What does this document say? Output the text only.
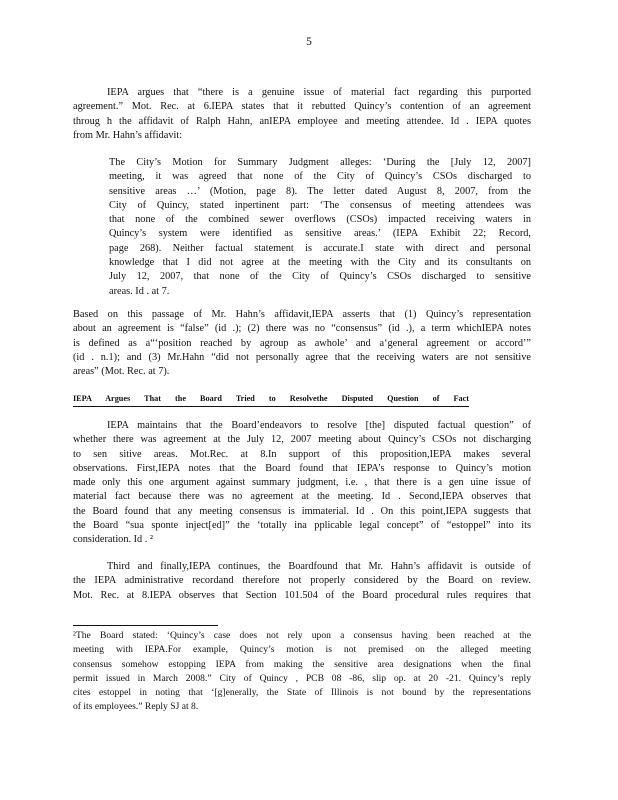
5
IEPA argues that “there is a genuine issue of material fact regarding this purported
agreement.” Mot. Rec. at 6.IEPA states that it rebutted Quincy’s contention of an agreement
throug h the affidavit of Ralph Hahn, anIEPA employee and meeting attendee. Id . IEPA quotes
from Mr. Hahn’s affidavit:
The City’s Motion for Summary Judgment alleges: ‘During the [July 12, 2007]
meeting, it was agreed that none of the City of Quincy’s CSOs discharged to
sensitive areas …’ (Motion, page 8). The letter dated August 8, 2007, from the
City of Quincy, stated inpertinent part: ‘The consensus of meeting attendees was
that none of the combined sewer overflows (CSOs) impacted receiving waters in
Quincy’s system were identified as sensitive areas.’ (IEPA Exhibit 22; Record,
page 268). Neither factual statement is accurate.I state with direct and personal
knowledge that I did not agree at the meeting with the City and its consultants on
July 12, 2007, that none of the City of Quincy’s CSOs discharged to sensitive
areas. Id . at 7.
Based on this passage of Mr. Hahn’s affidavit,IEPA asserts that (1) Quincy’s representation
about an agreement is “false” (id .); (2) there was no “consensus” (id .), a term whichIEPA notes
is defined as a“‘position reached by agroup as awhole’ and a‘general agreement or accord’”
(id . n.1); and (3) Mr.Hahn “did not personally agree that the receiving waters are not sensitive
areas” (Mot. Rec. at 7).
IEPA Argues That the Board Tried to Resolvethe Disputed Question of Fact
IEPA maintains that the Board’endeavors to resolve [the] disputed factual question” of
whether there was agreement at the July 12, 2007 meeting about Quincy’s CSOs not discharging
to sen sitive areas. Mot.Rec. at 8.In support of this proposition,IEPA makes several
observations. First,IEPA notes that the Board found that IEPA’s response to Quincy’s motion
made only this one argument against summary judgment, i.e. , that there is a gen uine issue of
material fact because there was no agreement at the meeting. Id . Second,IEPA observes that
the Board found that any meeting consensus is immaterial. Id . On this point,IEPA suggests that
the Board “sua sponte inject[ed]” the ‘totally ina pplicable legal concept” of “estoppel” into its
consideration. Id . ²
Third and finally,IEPA continues, the Boardfound that Mr. Hahn’s affidavit is outside of
the IEPA administrative recordand therefore not properly considered by the Board on review.
Mot. Rec. at 8.IEPA observes that Section 101.504 of the Board procedural rules requires that
²The Board stated: ‘Quincy’s case does not rely upon a consensus having been reached at the
meeting with IEPA.For example, Quincy’s motion is not premised on the alleged meeting
consensus somehow estopping IEPA from making the sensitive area designations when the final
permit issued in March 2008.” City of Quincy , PCB 08 -86, slip op. at 20 -21. Quincy’s reply
cites estoppel in noting that ‘[g]enerally, the State of Illinois is not bound by the representations
of its employees.” Reply SJ at 8.
